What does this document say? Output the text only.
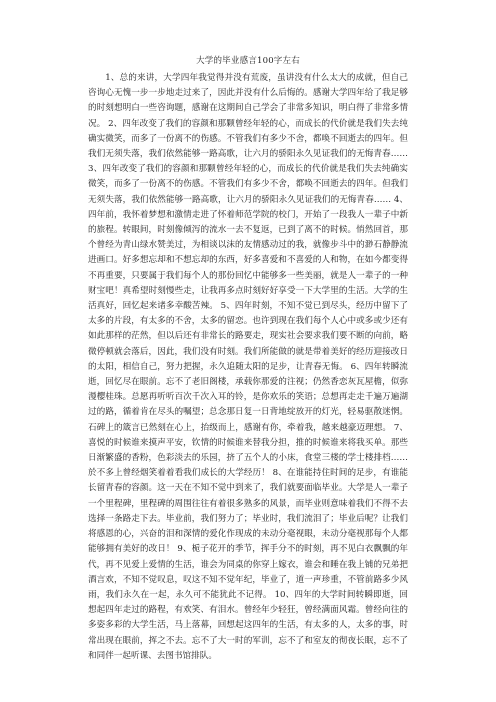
大学的毕业感言100字左右

1、总的来讲，大学四年我觉得并没有荒废，虽讲没有什么太大的成就，但自己咨询心无愧一步一步地走过来了，因此并没有什么后悔的。感谢大学四年给了我足够的时刻想明白一些咨询题，感谢在这期间自己学会了非常多知识，明白得了非常多情况。 2、四年改变了我们的容颜和那颗曾经年轻的心，而成长的代价就是我们失去纯确实微笑，而多了一份离不的伤感。不管我们有多少不舍，都唤不回逝去的四年。但我们无须失落，我们依然能够一路高歌，让六月的骄阳永久见证我们的无悔青春…… 3、四年改变了我们的容颜和那颗曾经年轻的心，而成长的代价就是我们失去纯确实微笑，而多了一份离不的伤感。不管我们有多少不舍，都唤不回逝去的四年。但我们无须失落，我们依然能够一路高歌，让六月的骄阳永久见证我们的无悔青春…… 4、四年前，我怀着梦想和激情走进了怀着师范学院的校门，开始了一段我人一辈子中新的旅程。转眼间，时刻像倾泻的流水一去不复返，已到了离不的时候。悄然回首，那个曾经为青山绿水赞美过，为相谈以沫的友情感动过的我，就像步斗中的渺石静静流进画口。好多想忘却和不想忘却的东西，好多喜爱和不喜爱的人和物，在如今都变得不再重要，只要属于我们每个人的那份回忆中能够多一些美丽，就是人一辈子的一种财宝吧！真希望时刻慢些走，让我再多点时刻好好享受一下大学里的生活。大学的生活真好，回忆起来诸多幸酸苦辣。 5、四年时刻，不知不觉已到尽头，经历中留下了太多的片段，有太多的不舍，太多的留恋。也许到现在我们每个人心中或多或少还有如此那样的茫然，但以后还有非常长的路要走，现实社会要求我们要不断的向前，略微停顿就会落后，因此，我们没有时刻。我们所能做的就是带着美好的经历迎接改日的太阳，相信自己，努力把握，永久追随太阳的足步，让青春无悔。 6、四年转瞬流逝，回忆尽在眼前。忘不了老旧阁楼，承载你那爱的注视；仍然香恋灰瓦屋檐，似弥漫樱桂珠。总愿再听听百次千次入耳的铃，是你欢乐的笑语；总想再走走千遍万遍湖过的路，循着肯在尽头的嘱望；总念那日复一日背地绽放开的灯光，轻易驱散迷惘。石碑上的箴言已然刻在心上，抬级而上，感谢有你，牵着我，越来越豪迈理想。 7、喜悦的时候谁来摸声平安，钦情的时候谁来替我分担，推的时候谁来将我买单。那些日渐繁盛的香粉，色彩淡去的乐园，挤了五个人的小床，食堂三楼的学士楼排档……於不多上曾经烟笑着着看我们成长的大学经历！ 8、在谁能持住时间的足步，有谁能长留青春的容颜。这一天在不知不觉中到来了，我们就要面临毕业。大学是人一辈子一个里程碑，里程碑的周围往往有着很多熟多的风景，而毕业则意味着我们不得不去选择一条路走下去。毕业前，我们努力了；毕业时，我们流泪了；毕业后呢？让我们将感恩的心，兴奋的泪和深情的爱化作现成的未动分毫视眼，未动分毫视那每个人都能够拥有美好的改日！ 9、栀子花开的季节，挥手分不的时刻，再不见白衣飘飘的年代，再不见爱上爱情的生活，谁会为同桌的你穿上嫁衣，谁会和睡在我上铺的兄弟把酒言欢，不知不觉叹息，叹这不知不觉年纪，毕业了，道一声珍重，不管前路多少风雨，我们永久在一起，永久可不能犹此不记得。 10、四年的大学时间转瞬即逝，回想起四年走过的路程，有欢笑、有泪水。曾经年少轻狂，曾经满面风霜。曾经向往的多姿多彩的大学生活，马上落幕，回想起这四年的生活，有太多的人，太多的事，时常出现在眼前，挥之不去。忘不了大一时的军训，忘不了和室友的彻夜长眠，忘不了和同伴一起听课、去图书馆排队。
